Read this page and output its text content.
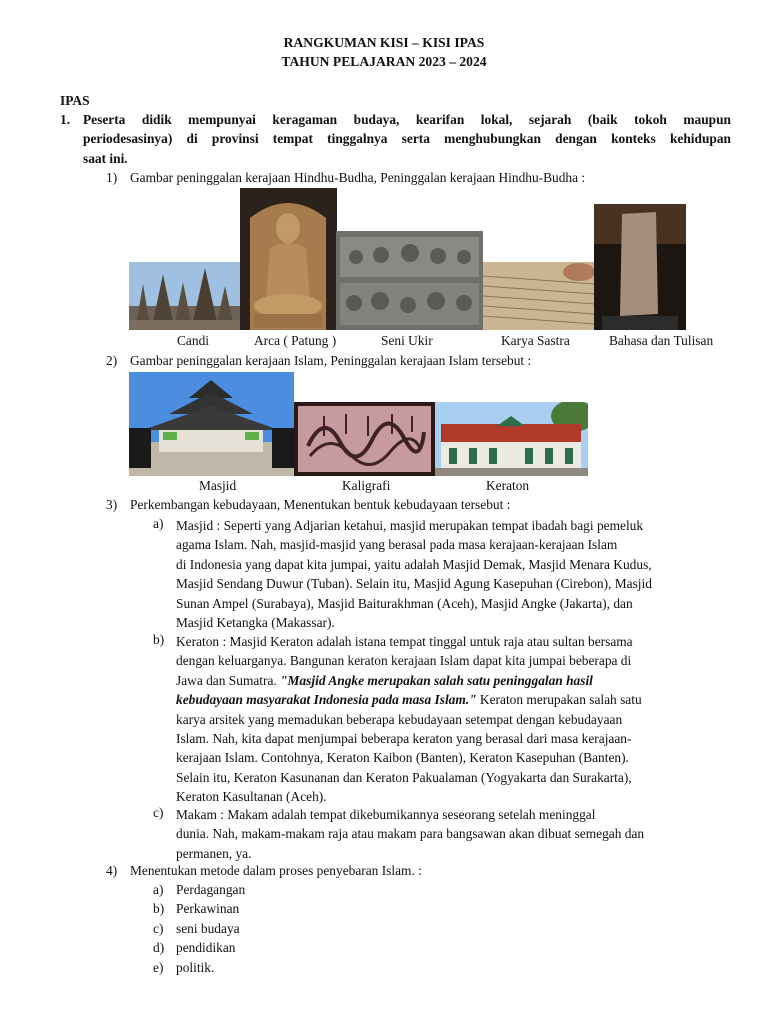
RANGKUMAN KISI – KISI IPAS
TAHUN PELAJARAN 2023 – 2024
IPAS
1. Peserta didik mempunyai keragaman budaya, kearifan lokal, sejarah (baik tokoh maupun
periodesasinya) di provinsi tempat tinggalnya serta menghubungkan dengan konteks kehidupan
saat ini.
1) Gambar peninggalan kerajaan Hindhu-Budha, Peninggalan kerajaan Hindhu-Budha :
Candi	Arca ( Patung )	Seni Ukir	Karya Sastra	Bahasa dan Tulisan
2) Gambar peninggalan kerajaan Islam, Peninggalan kerajaan Islam tersebut :
Masjid	Kaligrafi	Keraton
3) Perkembangan kebudayaan, Menentukan bentuk kebudayaan tersebut :
a) Masjid : Seperti yang Adjarian ketahui, masjid merupakan tempat ibadah bagi pemeluk
agama Islam. Nah, masjid-masjid yang berasal pada masa kerajaan-kerajaan Islam
di Indonesia yang dapat kita jumpai, yaitu adalah Masjid Demak, Masjid Menara Kudus,
Masjid Sendang Duwur (Tuban). Selain itu, Masjid Agung Kasepuhan (Cirebon), Masjid
Sunan Ampel (Surabaya), Masjid Baiturakhman (Aceh), Masjid Angke (Jakarta), dan
Masjid Ketangka (Makassar).
b) Keraton : Masjid Keraton adalah istana tempat tinggal untuk raja atau sultan bersama
dengan keluarganya. Bangunan keraton kerajaan Islam dapat kita jumpai beberapa di
Jawa dan Sumatra. "Masjid Angke merupakan salah satu peninggalan hasil
kebudayaan masyarakat Indonesia pada masa Islam." Keraton merupakan salah satu
karya arsitek yang memadukan beberapa kebudayaan setempat dengan kebudayaan
Islam. Nah, kita dapat menjumpai beberapa keraton yang berasal dari masa kerajaan-
kerajaan Islam. Contohnya, Keraton Kaibon (Banten), Keraton Kasepuhan (Banten).
Selain itu, Keraton Kasunanan dan Keraton Pakualaman (Yogyakarta dan Surakarta),
Keraton Kasultanan (Aceh).
c) Makam : Makam adalah tempat dikebumikannya seseorang setelah meninggal
dunia. Nah, makam-makam raja atau makam para bangsawan akan dibuat semegah dan
permanen, ya.
4) Menentukan metode dalam proses penyebaran Islam. :
a) Perdagangan
b) Perkawinan
c) seni budaya
d) pendidikan
e) politik.
